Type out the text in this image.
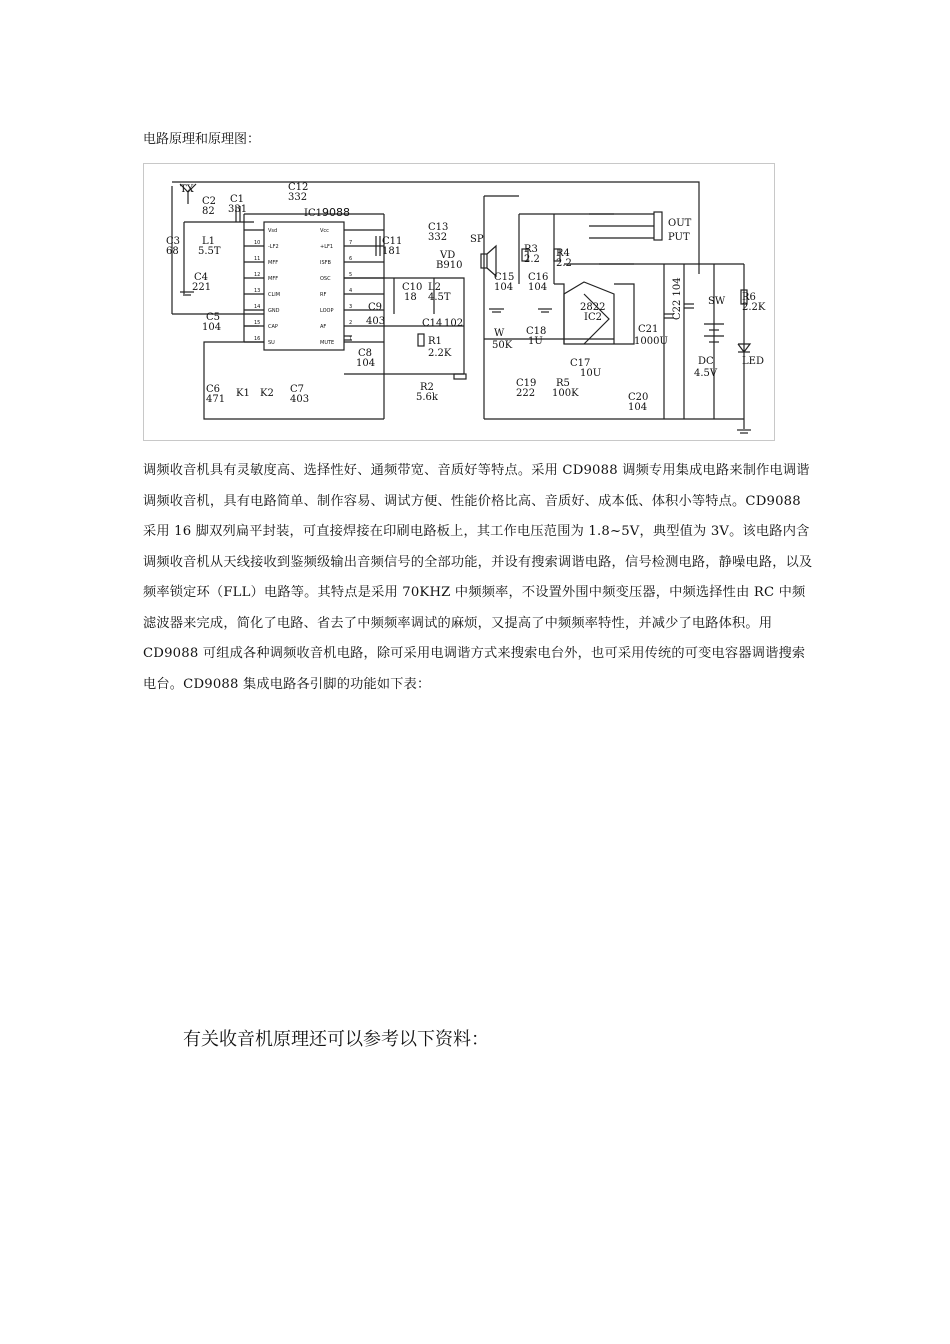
电路原理和原理图：
IC1 9088
Vsd
-LF2
MFF
MFF
CLIM
GND
CAP
SU
Vcc
+LF1
ISFB
OSC
RF
LOOP
AF
MUTE
10
11
12
13
14
15
16
7
6
5
4
3
2
1
2822
IC2
TX
C2
82
C1
331
C12
332
C13
332
C11
181
C3
68
L1
5.5T
C4
221
C5
104
C10
18
L2
4.5T
VD
B910
C9
403	C14 102
R1
2.2K
C8
104
R2
5.6k
C6
471
K1 K2 C7
403
SP
R3
2.2
R4
2.2
C15
104
C16
104
OUT
PUT
W
50K
C18
1U
C17
10U
C19
222
R5
100K	C20
104
C21
1000U
C22 104	SW
DC
4.5V
R6
2.2K
LED

调频收音机具有灵敏度高、选择性好、通频带宽、音质好等特点。采用 CD9088 调频专用集成电路来制作电调谐调频收音机，具有电路简单、制作容易、调试方便、性能价格比高、音质好、成本低、体积小等特点。CD9088 采用 16 脚双列扁平封装，可直接焊接在印刷电路板上，其工作电压范围为 1.8~5V，典型值为 3V。该电路内含调频收音机从天线接收到鉴频级输出音频信号的全部功能，并设有搜索调谐电路，信号检测电路，静噪电路，以及频率锁定环（FLL）电路等。其特点是采用 70KHZ 中频频率，不设置外围中频变压器，中频选择性由 RC 中频滤波器来完成，简化了电路、省去了中频频率调试的麻烦，又提高了中频频率特性，并减少了电路体积。用 CD9088 可组成各种调频收音机电路，除可采用电调谐方式来搜索电台外，也可采用传统的可变电容器调谐搜索电台。CD9088 集成电路各引脚的功能如下表：

有关收音机原理还可以参考以下资料：
